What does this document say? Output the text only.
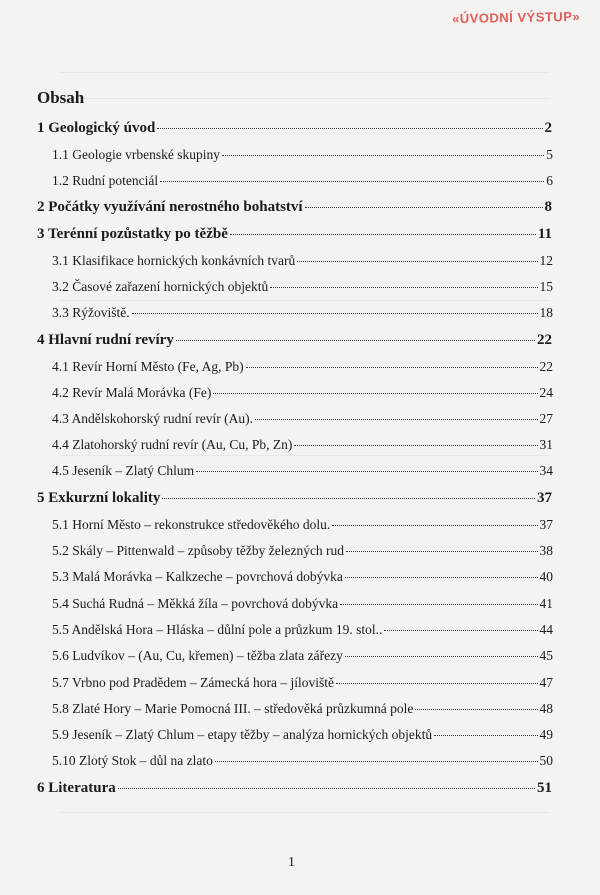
«ÚVODNÍ VÝSTUP»
Obsah
1 Geologický úvod	2
1.1 Geologie vrbenské skupiny	5
1.2 Rudní potenciál	6
2 Počátky využívání nerostného bohatství	8
3 Terénní pozůstatky po těžbě	11
3.1 Klasifikace hornických konkávních tvarů	12
3.2 Časové zařazení hornických objektů	15
3.3 Rýžoviště.	18
4 Hlavní rudní revíry	22
4.1 Revír Horní Město (Fe, Ag, Pb)	22
4.2 Revír Malá Morávka (Fe)	24
4.3 Andělskohorský rudní revír (Au).	27
4.4 Zlatohorský rudní revír (Au, Cu, Pb, Zn)	31
4.5 Jeseník – Zlatý Chlum	34
5 Exkurzní lokality	37
5.1 Horní Město – rekonstrukce středověkého dolu.	37
5.2 Skály – Pittenwald – způsoby těžby železných rud	38
5.3 Malá Morávka – Kalkzeche – povrchová dobývka	40
5.4 Suchá Rudná – Měkká žíla – povrchová dobývka	41
5.5 Andělská Hora – Hláska – důlní pole a průzkum 19. stol..	44
5.6 Ludvíkov – (Au, Cu, křemen) – těžba zlata zářezy	45
5.7 Vrbno pod Pradědem – Zámecká hora – jíloviště	47
5.8 Zlaté Hory – Marie Pomocná III. – středověká průzkumná pole	48
5.9 Jeseník – Zlatý Chlum – etapy těžby – analýza hornických objektů	49
5.10 Zlotý Stok – důl na zlato	50
6 Literatura	51
1
